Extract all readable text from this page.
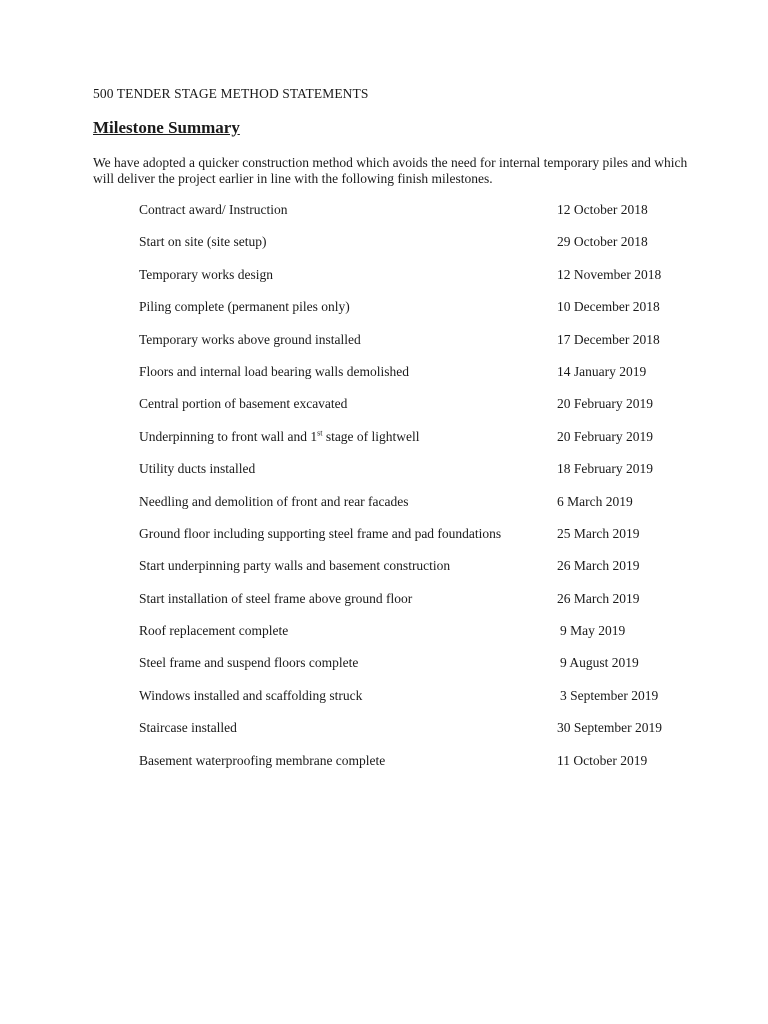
500 TENDER STAGE METHOD STATEMENTS
Milestone Summary
We have adopted a quicker construction method which avoids the need for internal temporary piles and which will deliver the project earlier in line with the following finish milestones.
Contract award/ Instruction	12 October 2018
Start on site (site setup)	29 October 2018
Temporary works design	12 November 2018
Piling complete (permanent piles only)	10 December 2018
Temporary works above ground installed	17 December 2018
Floors and internal load bearing walls demolished	14 January 2019
Central portion of basement excavated	20 February 2019
Underpinning to front wall and 1st stage of lightwell	20 February 2019
Utility ducts installed	18 February 2019
Needling and demolition of front and rear facades	6 March 2019
Ground floor including supporting steel frame and pad foundations	25 March 2019
Start underpinning party walls and basement construction	26 March 2019
Start installation of steel frame above ground floor	26 March 2019
Roof replacement complete	9 May 2019
Steel frame and suspend floors complete	9 August 2019
Windows installed and scaffolding struck	3 September 2019
Staircase installed	30 September 2019
Basement waterproofing membrane complete	11 October 2019
